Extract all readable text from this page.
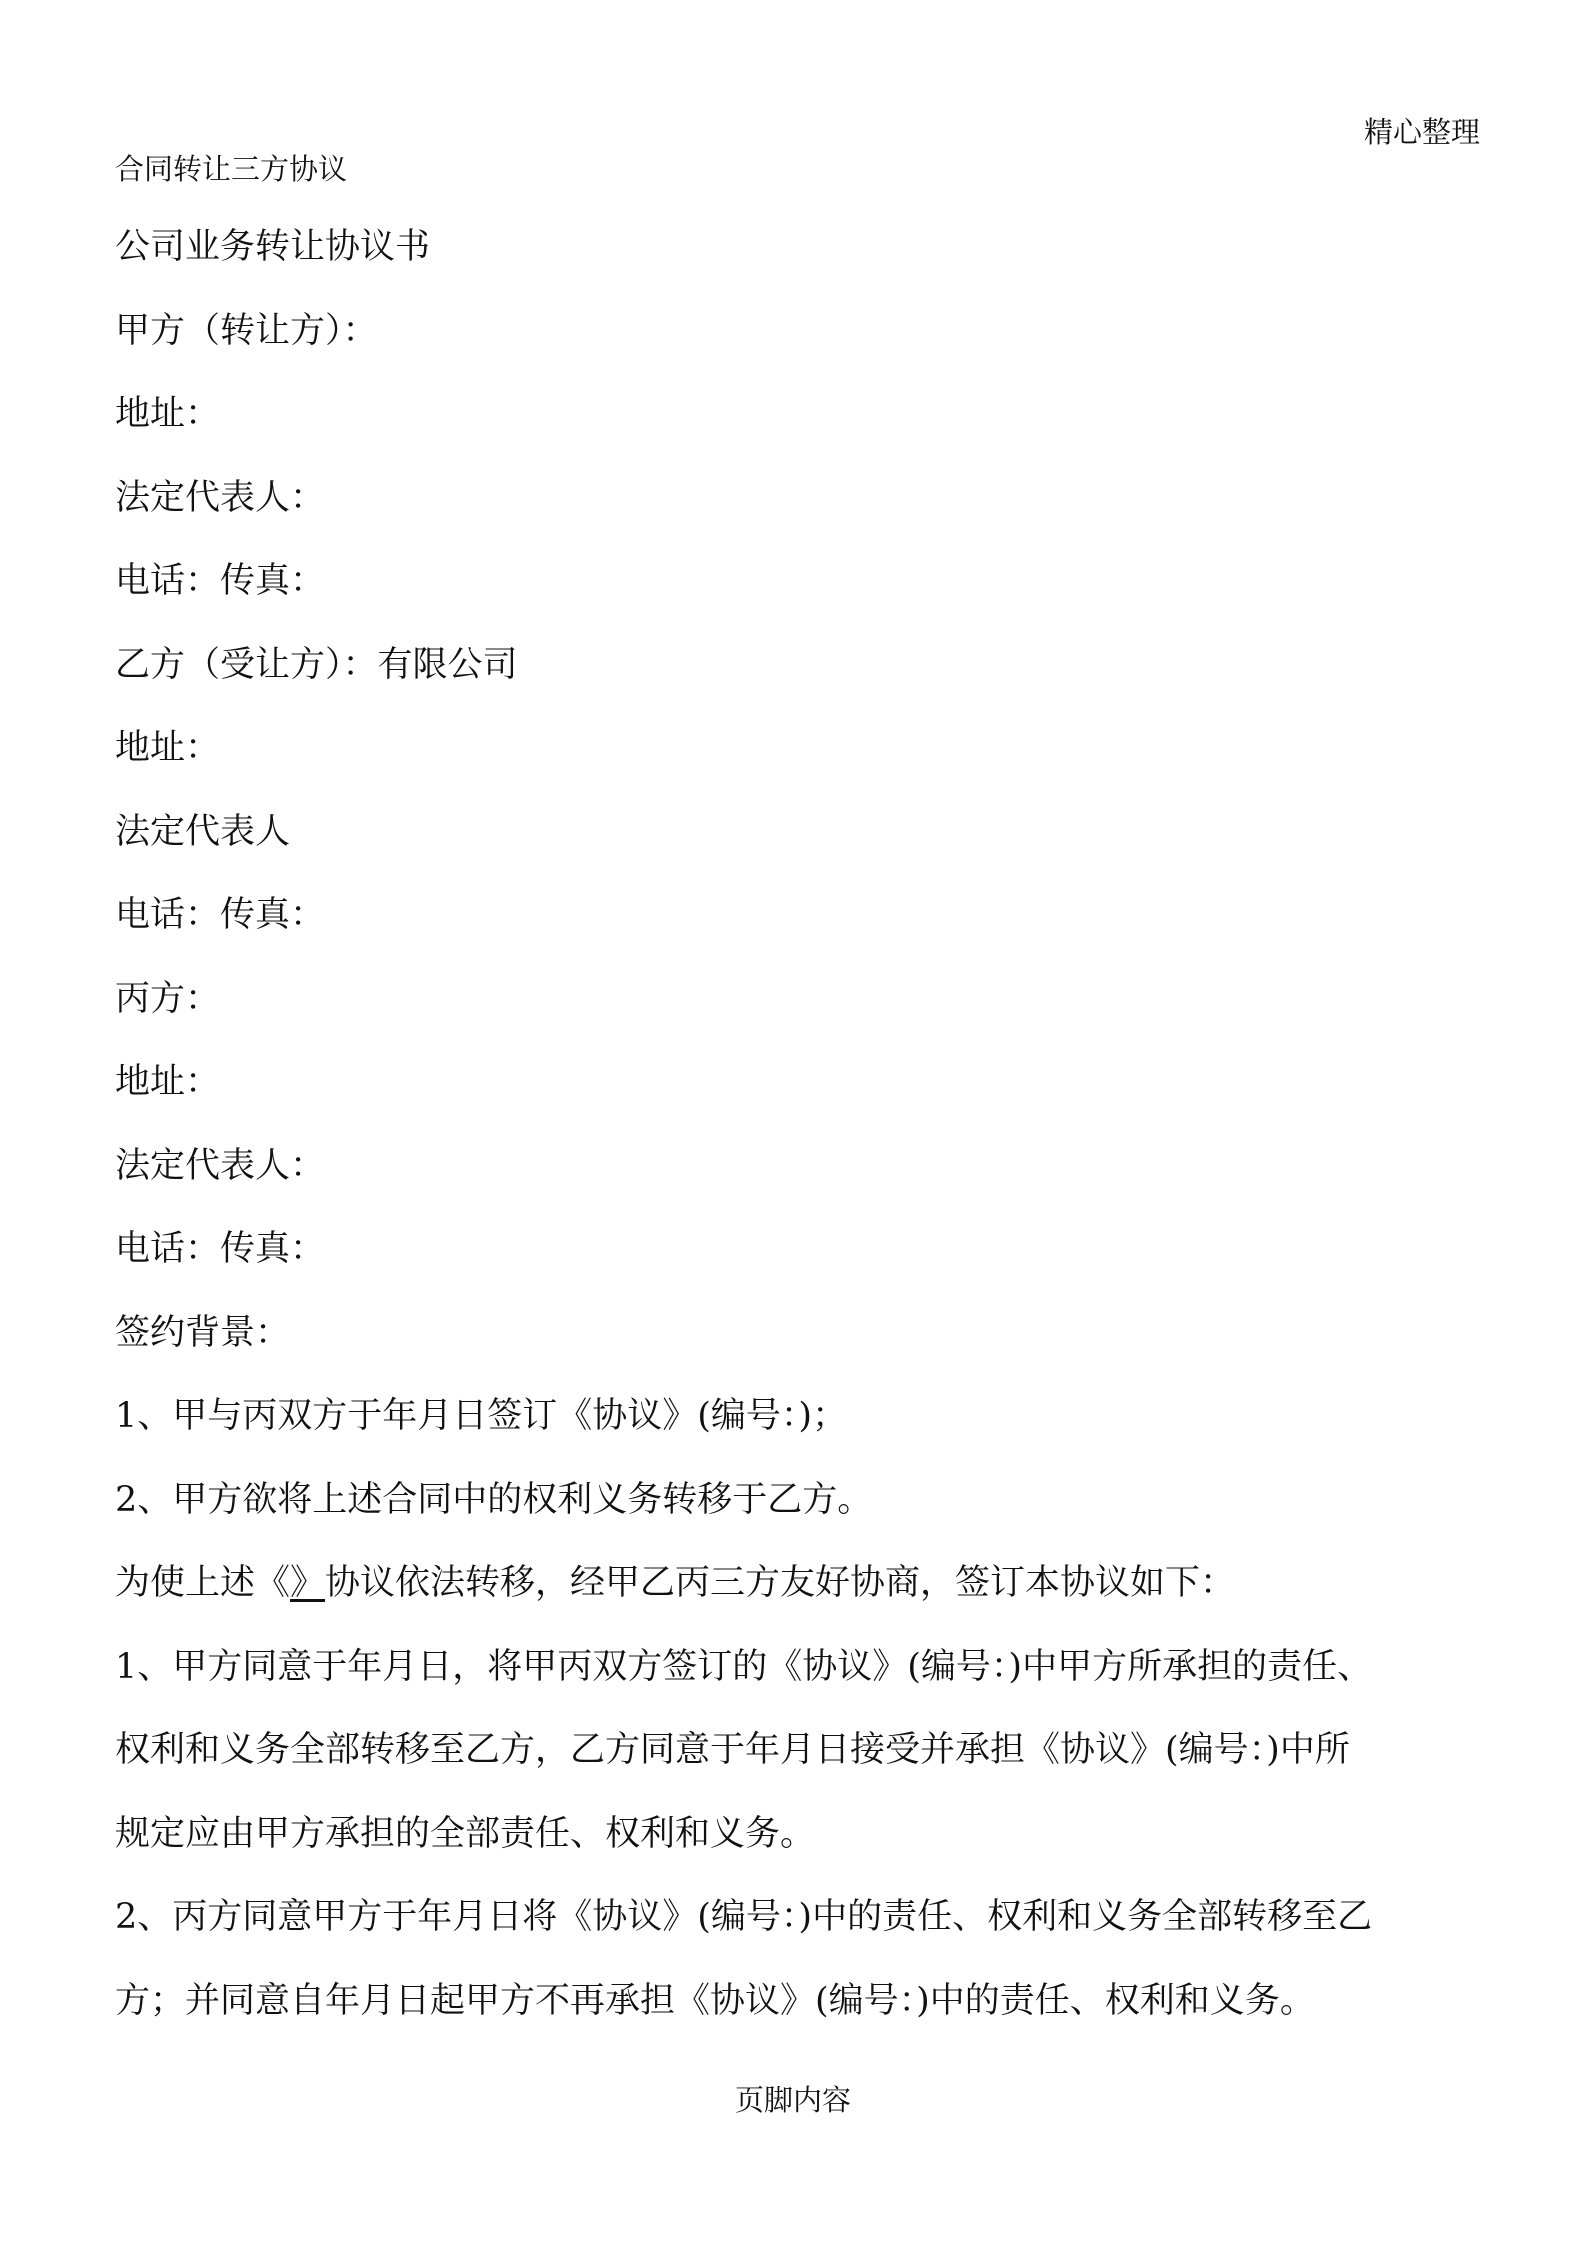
精心整理
合同转让三方协议
公司业务转让协议书
甲方（转让方）：
地址：
法定代表人：
电话：传真：
乙方（受让方）：有限公司
地址：
法定代表人
电话：传真：
丙方：
地址：
法定代表人：
电话：传真：
签约背景：
1、甲与丙双方于年月日签订《协议》(编号：)；
2、甲方欲将上述合同中的权利义务转移于乙方。
为使上述《》协议依法转移，经甲乙丙三方友好协商，签订本协议如下：
1、甲方同意于年月日，将甲丙双方签订的《协议》(编号：)中甲方所承担的责任、
权利和义务全部转移至乙方，乙方同意于年月日接受并承担《协议》(编号：)中所
规定应由甲方承担的全部责任、权利和义务。
2、丙方同意甲方于年月日将《协议》(编号：)中的责任、权利和义务全部转移至乙
方；并同意自年月日起甲方不再承担《协议》(编号：)中的责任、权利和义务。
页脚内容
